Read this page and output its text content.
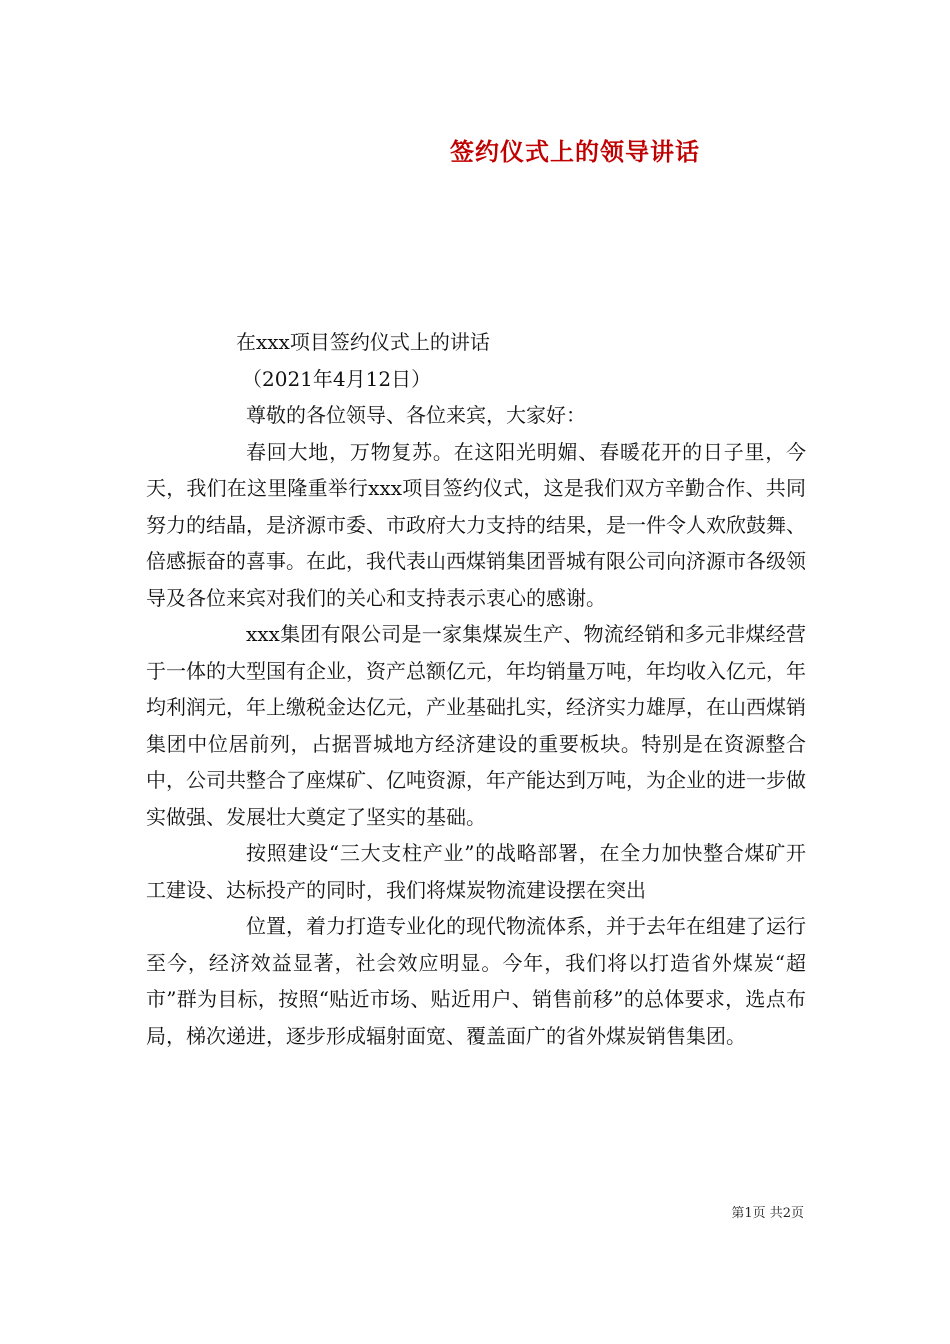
签约仪式上的领导讲话

在xxx项目签约仪式上的讲话

（2021年4月12日）

尊敬的各位领导、各位来宾，大家好：

春回大地，万物复苏。在这阳光明媚、春暖花开的日子里，今天，我们在这里隆重举行xxx项目签约仪式，这是我们双方辛勤合作、共同努力的结晶，是济源市委、市政府大力支持的结果，是一件令人欢欣鼓舞、倍感振奋的喜事。在此，我代表山西煤销集团晋城有限公司向济源市各级领导及各位来宾对我们的关心和支持表示衷心的感谢。

xxx集团有限公司是一家集煤炭生产、物流经销和多元非煤经营于一体的大型国有企业，资产总额亿元，年均销量万吨，年均收入亿元，年均利润元，年上缴税金达亿元，产业基础扎实，经济实力雄厚，在山西煤销集团中位居前列，占据晋城地方经济建设的重要板块。特别是在资源整合中，公司共整合了座煤矿、亿吨资源，年产能达到万吨，为企业的进一步做实做强、发展壮大奠定了坚实的基础。

按照建设“三大支柱产业”的战略部署，在全力加快整合煤矿开工建设、达标投产的同时，我们将煤炭物流建设摆在突出

位置，着力打造专业化的现代物流体系，并于去年在组建了运行至今，经济效益显著，社会效应明显。今年，我们将以打造省外煤炭“超市”群为目标，按照“贴近市场、贴近用户、销售前移”的总体要求，选点布局，梯次递进，逐步形成辐射面宽、覆盖面广的省外煤炭销售集团。

第1页 共2页
